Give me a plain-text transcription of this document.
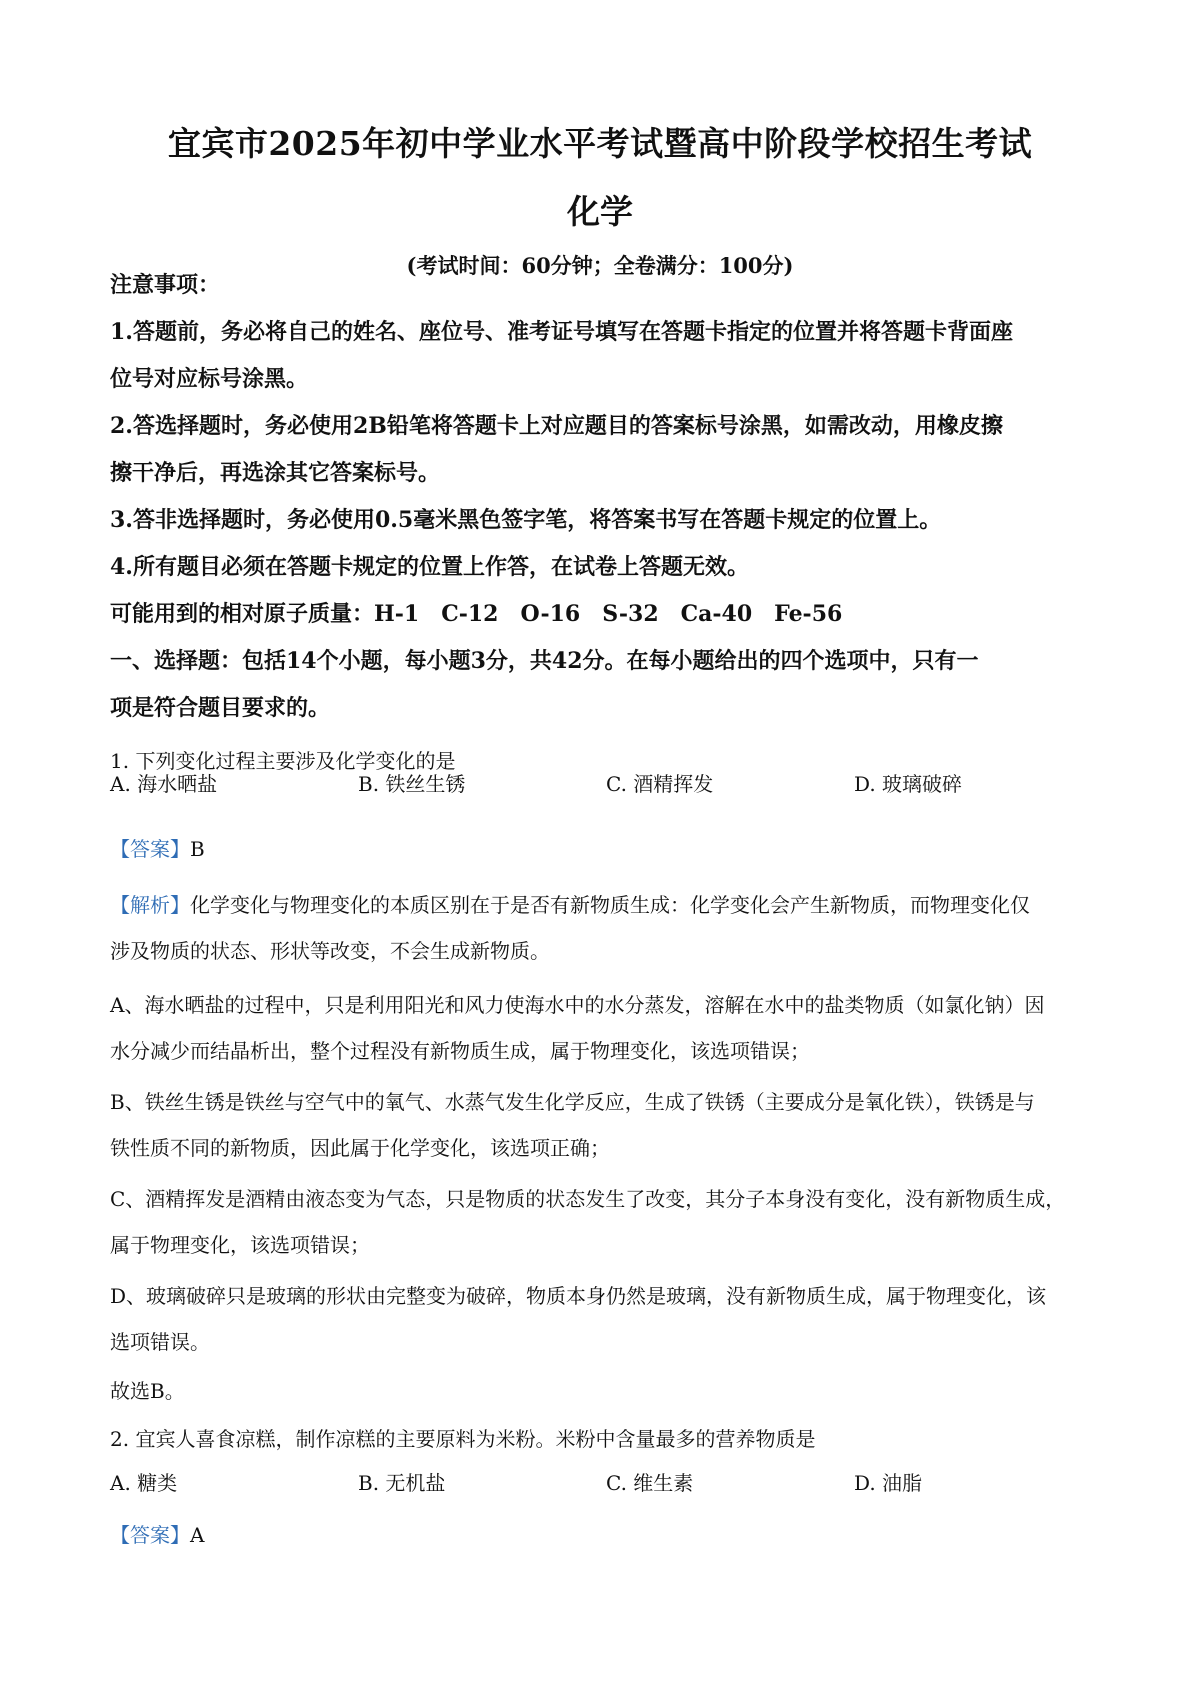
宜宾市2025年初中学业水平考试暨高中阶段学校招生考试
化学
(考试时间：60分钟；全卷满分：100分)

注意事项：

1.答题前，务必将自己的姓名、座位号、准考证号填写在答题卡指定的位置并将答题卡背面座

位号对应标号涂黑。

2.答选择题时，务必使用2B铅笔将答题卡上对应题目的答案标号涂黑，如需改动，用橡皮擦

擦干净后，再选涂其它答案标号。

3.答非选择题时，务必使用0.5毫米黑色签字笔，将答案书写在答题卡规定的位置上。

4.所有题目必须在答题卡规定的位置上作答，在试卷上答题无效。

可能用到的相对原子质量：H-1　C-12　O-16　S-32　Ca-40　Fe-56

一、选择题：包括14个小题，每小题3分，共42分。在每小题给出的四个选项中，只有一

项是符合题目要求的。

1. 下列变化过程主要涉及化学变化的是

A. 海水晒盐	B. 铁丝生锈	C. 酒精挥发	D. 玻璃破碎

【答案】B

【解析】化学变化与物理变化的本质区别在于是否有新物质生成：化学变化会产生新物质，而物理变化仅

涉及物质的状态、形状等改变，不会生成新物质。

A、海水晒盐的过程中，只是利用阳光和风力使海水中的水分蒸发，溶解在水中的盐类物质（如氯化钠）因

水分减少而结晶析出，整个过程没有新物质生成，属于物理变化，该选项错误；

B、铁丝生锈是铁丝与空气中的氧气、水蒸气发生化学反应，生成了铁锈（主要成分是氧化铁），铁锈是与

铁性质不同的新物质，因此属于化学变化，该选项正确；

C、酒精挥发是酒精由液态变为气态，只是物质的状态发生了改变，其分子本身没有变化，没有新物质生成，

属于物理变化，该选项错误；

D、玻璃破碎只是玻璃的形状由完整变为破碎，物质本身仍然是玻璃，没有新物质生成，属于物理变化，该

选项错误。

故选B。

2. 宜宾人喜食凉糕，制作凉糕的主要原料为米粉。米粉中含量最多的营养物质是

A. 糖类	B. 无机盐	C. 维生素	D. 油脂

【答案】A
